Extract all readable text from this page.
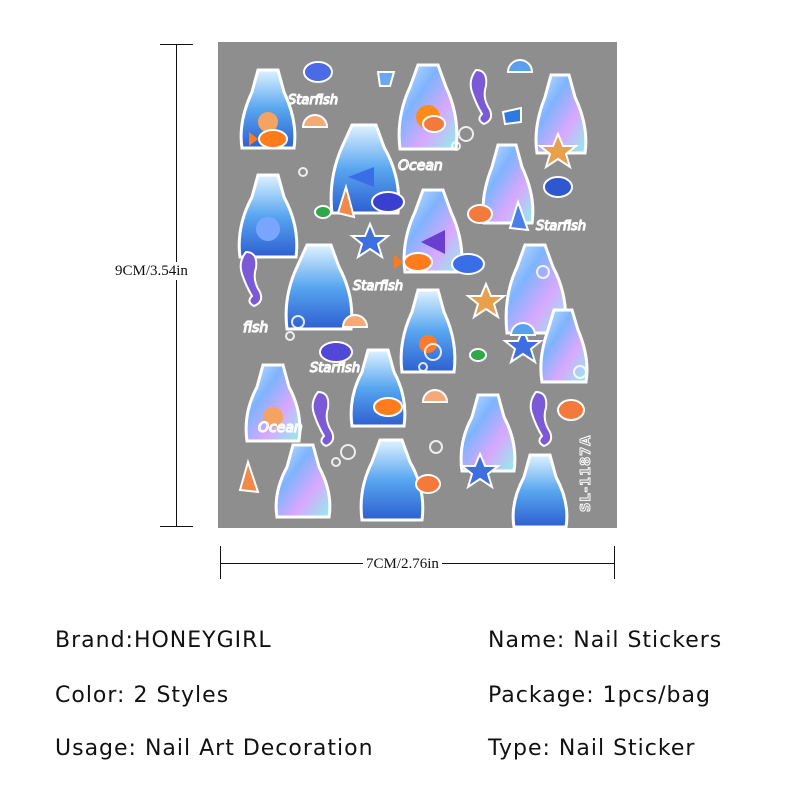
9CM/3.54in
7CM/2.76in
Starfish
Ocean
Starfish
Starfish
fish
Starfish
Ocean
SL-1187A
Brand:HONEYGIRL	Name: Nail Stickers
Color: 2 Styles	Package: 1pcs/bag
Usage: Nail Art Decoration	Type: Nail Sticker
